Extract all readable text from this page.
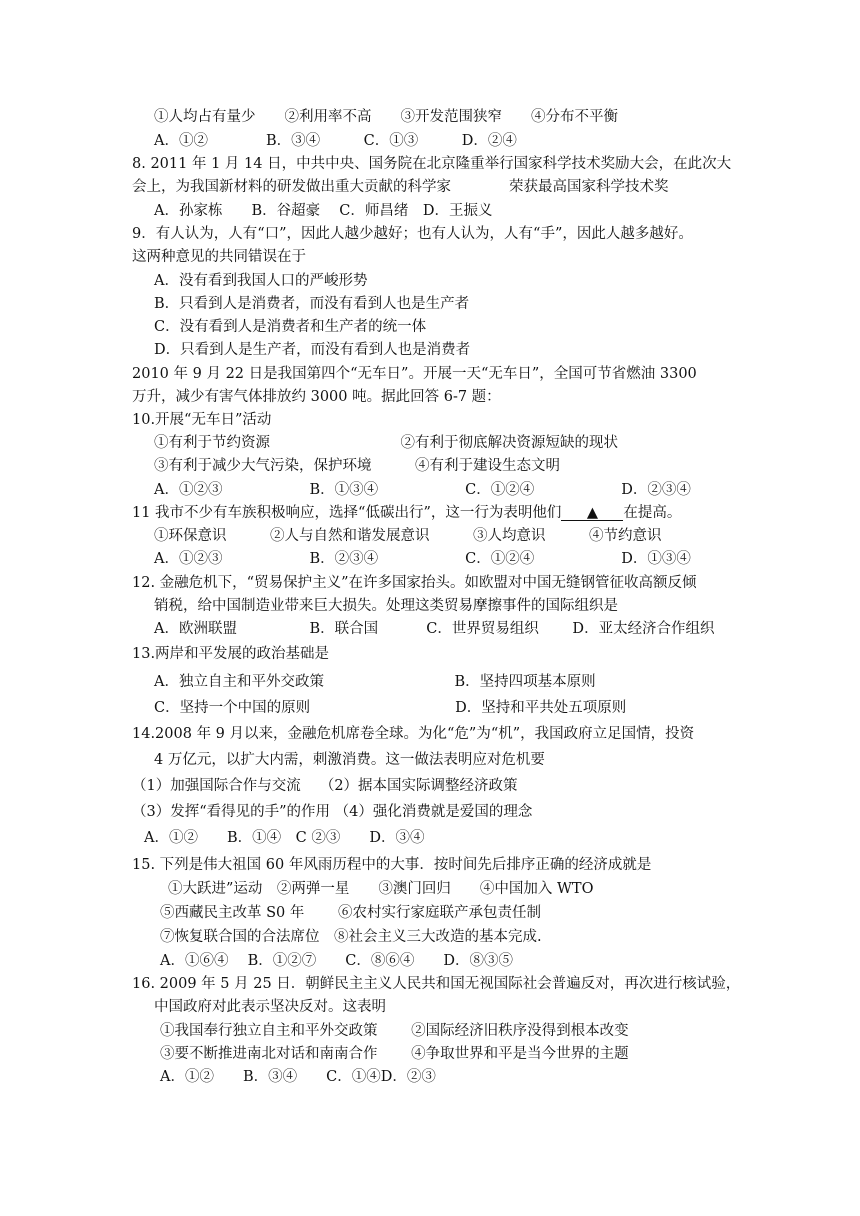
①人均占有量少　　②利用率不高　　③开发范围狭窄　　④分布不平衡
A．①②　　　　B．③④　　　C．①③　　　D．②④
8. 2011 年 1 月 14 日，中共中央、国务院在北京隆重举行国家科学技术奖励大会，在此次大
会上，为我国新材料的研发做出重大贡献的科学家　　　　荣获最高国家科学技术奖
A．孙家栋　　B．谷超豪　 C．师昌绪　D．王振义
9．有人认为，人有“口”，因此人越少越好；也有人认为，人有“手”，因此人越多越好。
这两种意见的共同错误在于
A．没有看到我国人口的严峻形势
B．只看到人是消费者，而没有看到人也是生产者
C．没有看到人是消费者和生产者的统一体
D．只看到人是生产者，而没有看到人也是消费者
2010 年 9 月 22 日是我国第四个“无车日”。开展一天“无车日”，全国可节省燃油 3300
万升，减少有害气体排放约 3000 吨。据此回答 6-7 题：
10.开展“无车日”活动
①有利于节约资源　　　　　　　　　②有利于彻底解决资源短缺的现状
③有利于减少大气污染，保护环境　　　④有利于建设生态文明
A．①②③　　　　　　B．①③④　　　　　　C．①②④　　　　　　D．②③④
11 我市不少有车族积极响应，选择“低碳出行”，这一行为表明他们 ▲ 在提高。
①环保意识　　　②人与自然和谐发展意识　　　③人均意识　　　④节约意识
A．①②③　　　　　　B．②③④　　　　　　C．①②④　　　　　　D．①③④
12. 金融危机下，“贸易保护主义”在许多国家抬头。如欧盟对中国无缝钢管征收高额反倾
销税，给中国制造业带来巨大损失。处理这类贸易摩擦事件的国际组织是
A．欧洲联盟　　　　　B．联合国　　　 C．世界贸易组织　　 D．亚太经济合作组织
13.两岸和平发展的政治基础是
A．独立自主和平外交政策　　　　　　　　　B．坚持四项基本原则
C．坚持一个中国的原则　　　　　　　　　　D．坚持和平共处五项原则
14.2008 年 9 月以来，金融危机席卷全球。为化“危”为“机”，我国政府立足国情，投资
4 万亿元，以扩大内需，刺激消费。这一做法表明应对危机要
（1）加强国际合作与交流　 （2）据本国实际调整经济政策
（3）发挥“看得见的手”的作用 （4）强化消费就是爱国的理念
A．①②　　B．①④　C ②③　　D．③④
15. 下列是伟大祖国 60 年风雨历程中的大事．按时间先后排序正确的经济成就是
①大跃进”运动　②两弹一星　　③澳门回归　　④中国加入 WTO
⑤西藏民主改革 S0 年　　 ⑥农村实行家庭联产承包责任制
⑦恢复联合国的合法席位　⑧社会主义三大改造的基本完成.
A．①⑥④　 B．①②⑦　　C．⑧⑥④　　D．⑧③⑤
16. 2009 年 5 月 25 日．朝鲜民主主义人民共和国无视国际社会普遍反对，再次进行核试验，
中国政府对此表示坚决反对。这表明
①我国奉行独立自主和平外交政策　　 ②国际经济旧秩序没得到根本改变
③要不断推进南北对话和南南合作　　 ④争取世界和平是当今世界的主题
A．①②　　B．③④　　C．①④D．②③
